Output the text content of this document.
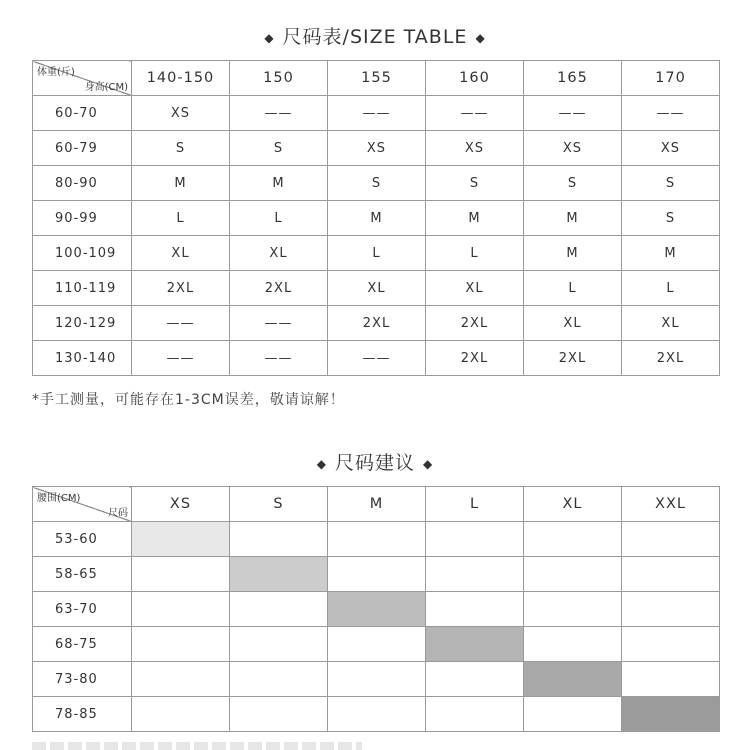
◆ 尺码表/SIZE TABLE ◆
体重(斤)
身高(CM)	140-150	150	155	160	165	170
60-70	XS	——	——	——	——	——
60-79	S	S	XS	XS	XS	XS
80-90	M	M	S	S	S	S
90-99	L	L	M	M	M	S
100-109	XL	XL	L	L	M	M
110-119	2XL	2XL	XL	XL	L	L
120-129	——	——	2XL	2XL	XL	XL
130-140	——	——	——	2XL	2XL	2XL
*手工测量，可能存在1-3CM误差，敬请谅解！
◆ 尺码建议 ◆
腰围(CM)
尺码	XS	S	M	L	XL	XXL
53-60						
58-65						
63-70						
68-75						
73-80						
78-85						
